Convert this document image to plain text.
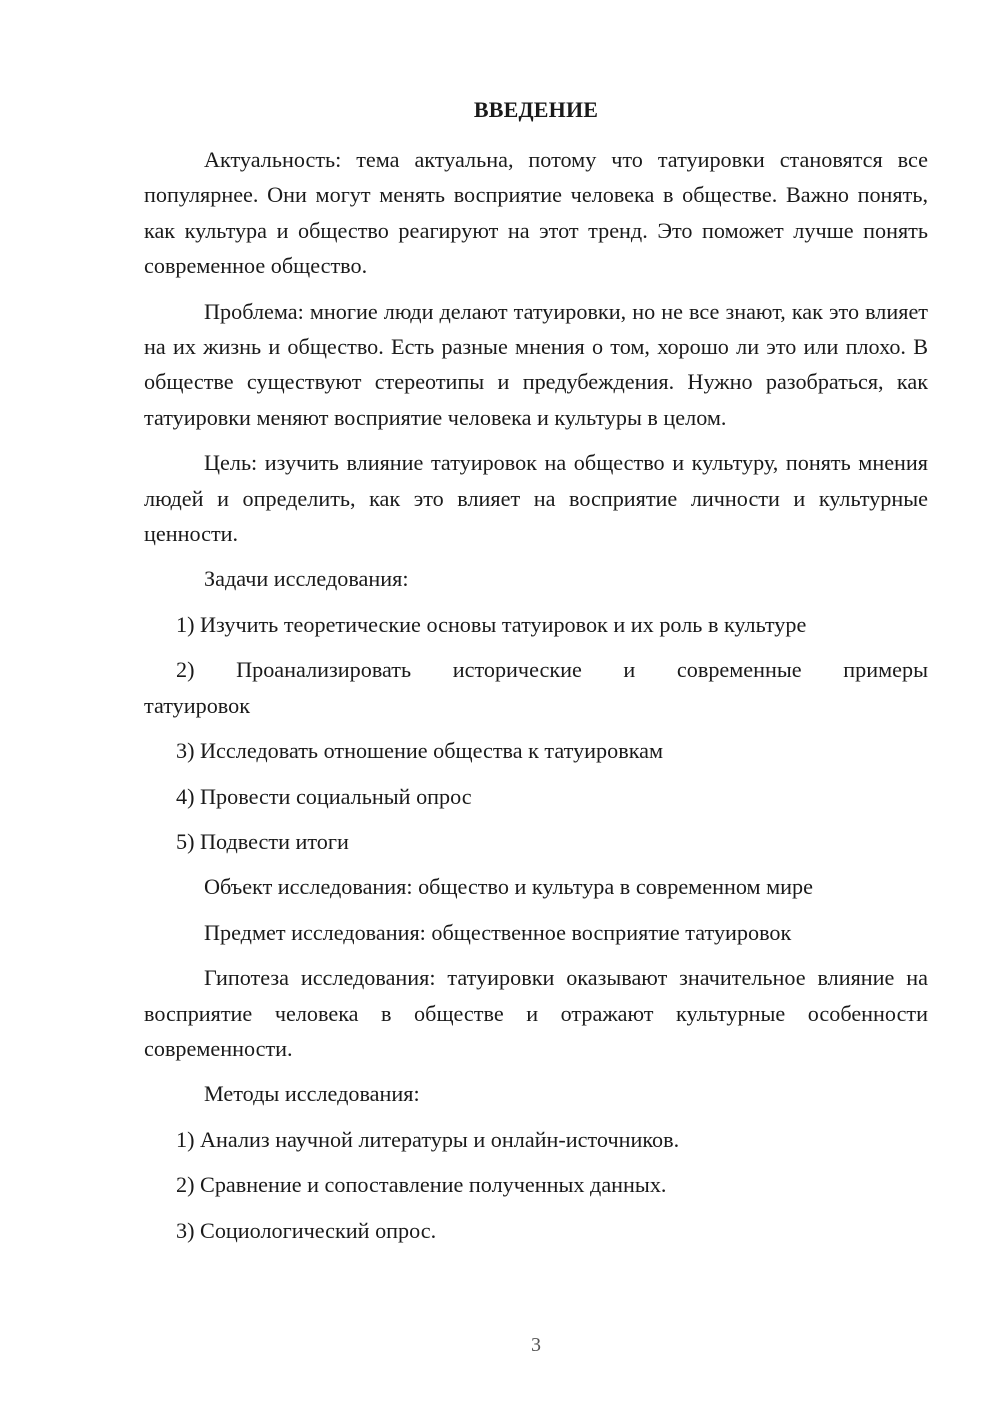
ВВЕДЕНИЕ

Актуальность: тема актуальна, потому что татуировки становятся все популярнее. Они могут менять восприятие человека в обществе. Важно понять, как культура и общество реагируют на этот тренд. Это поможет лучше понять современное общество.

Проблема: многие люди делают татуировки, но не все знают, как это влияет на их жизнь и общество. Есть разные мнения о том, хорошо ли это или плохо. В обществе существуют стереотипы и предубеждения. Нужно разобраться, как татуировки меняют восприятие человека и культуры в целом.

Цель: изучить влияние татуировок на общество и культуру, понять мнения людей и определить, как это влияет на восприятие личности и культурные ценности.

Задачи исследования:

1) Изучить теоретические основы татуировок и их роль в культуре

2) Проанализировать исторические и современные примеры
татуировок

3) Исследовать отношение общества к татуировкам

4) Провести социальный опрос

5) Подвести итоги

Объект исследования: общество и культура в современном мире

Предмет исследования: общественное восприятие татуировок

Гипотеза исследования: татуировки оказывают значительное влияние на восприятие человека в обществе и отражают культурные особенности современности.

Методы исследования:

1) Анализ научной литературы и онлайн-источников.

2) Сравнение и сопоставление полученных данных.

3) Социологический опрос.

3
